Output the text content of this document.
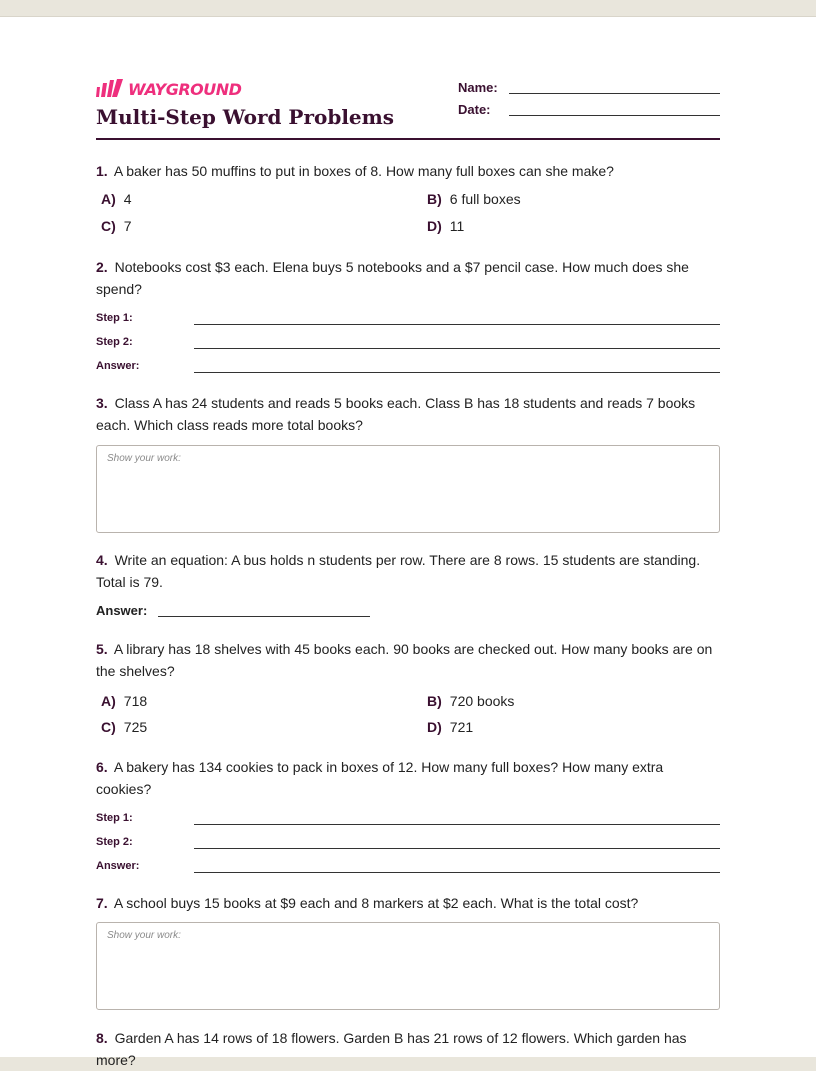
WAYGROUND
Multi-Step Word Problems
Name:
Date:
1. A baker has 50 muffins to put in boxes of 8. How many full boxes can she make?
A) 4	B) 6 full boxes
C) 7	D) 11
2. Notebooks cost $3 each. Elena buys 5 notebooks and a $7 pencil case. How much does she spend?
Step 1:
Step 2:
Answer:
3. Class A has 24 students and reads 5 books each. Class B has 18 students and reads 7 books each. Which class reads more total books?
Show your work:
4. Write an equation: A bus holds n students per row. There are 8 rows. 15 students are standing. Total is 79.
Answer:
5. A library has 18 shelves with 45 books each. 90 books are checked out. How many books are on the shelves?
A) 718	B) 720 books
C) 725	D) 721
6. A bakery has 134 cookies to pack in boxes of 12. How many full boxes? How many extra cookies?
Step 1:
Step 2:
Answer:
7. A school buys 15 books at $9 each and 8 markers at $2 each. What is the total cost?
Show your work:
8. Garden A has 14 rows of 18 flowers. Garden B has 21 rows of 12 flowers. Which garden has more?
